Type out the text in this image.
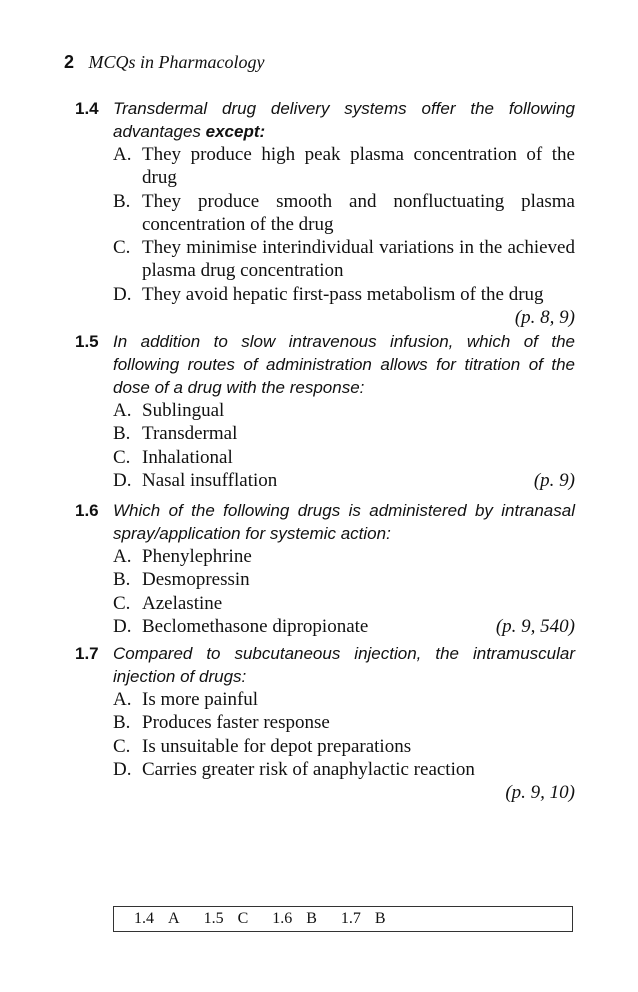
2 MCQs in Pharmacology
1.4 Transdermal drug delivery systems offer the following advantages except:
A. They produce high peak plasma concentration of the drug
B. They produce smooth and nonfluctuating plasma concentration of the drug
C. They minimise interindividual variations in the achieved plasma drug concentration
D. They avoid hepatic first-pass metabolism of the drug
(p. 8, 9)
1.5 In addition to slow intravenous infusion, which of the following routes of administration allows for titration of the dose of a drug with the response:
A. Sublingual
B. Transdermal
C. Inhalational
D. Nasal insufflation	(p. 9)
1.6 Which of the following drugs is administered by intranasal spray/application for systemic action:
A. Phenylephrine
B. Desmopressin
C. Azelastine
D. Beclomethasone dipropionate	(p. 9, 540)
1.7 Compared to subcutaneous injection, the intramuscular injection of drugs:
A. Is more painful
B. Produces faster response
C. Is unsuitable for depot preparations
D. Carries greater risk of anaphylactic reaction
(p. 9, 10)
1.4 A 1.5 C 1.6 B 1.7 B
